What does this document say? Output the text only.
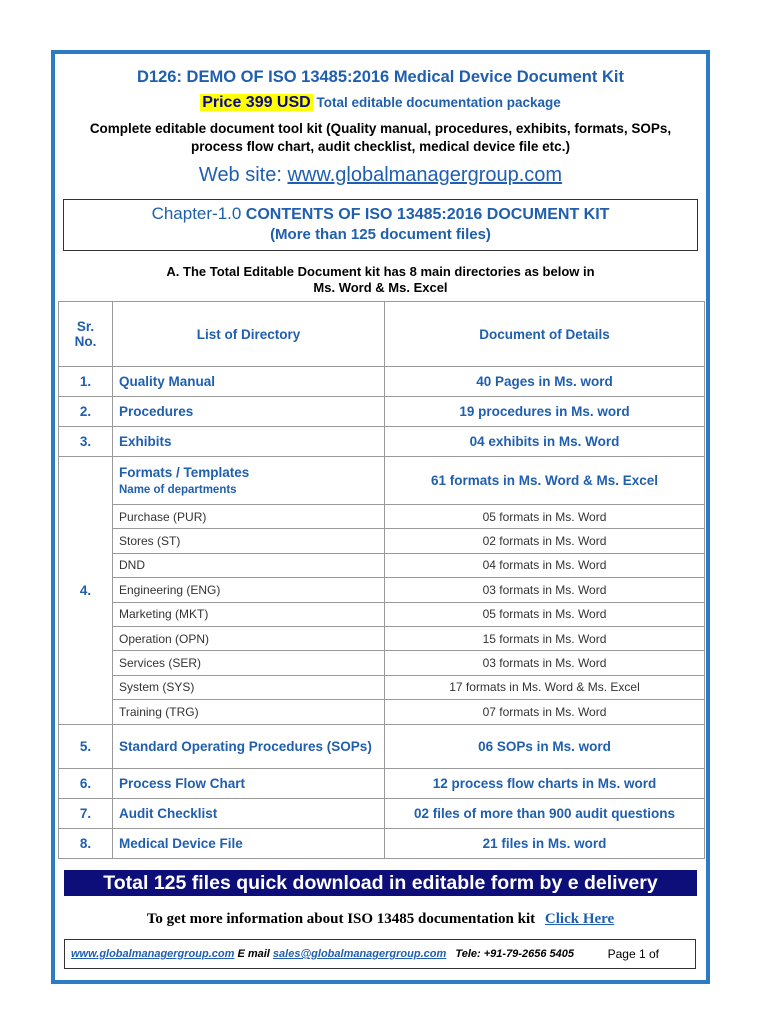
D126: DEMO OF ISO 13485:2016 Medical Device Document Kit
Price 399 USD Total editable documentation package
Complete editable document tool kit (Quality manual, procedures, exhibits, formats, SOPs, process flow chart, audit checklist, medical device file etc.)
Web site: www.globalmanagergroup.com
Chapter-1.0 CONTENTS OF ISO 13485:2016 DOCUMENT KIT
(More than 125 document files)
A. The Total Editable Document kit has 8 main directories as below in
Ms. Word & Ms. Excel
Sr. No.	List of Directory	Document of Details
1.	Quality Manual	40 Pages in Ms. word
2.	Procedures	19 procedures in Ms. word
3.	Exhibits	04 exhibits in Ms. Word
4.	Formats / Templates
Name of departments	61 formats in Ms. Word & Ms. Excel
	Purchase (PUR)	05 formats in Ms. Word
	Stores (ST)	02 formats in Ms. Word
	DND	04 formats in Ms. Word
	Engineering (ENG)	03 formats in Ms. Word
	Marketing (MKT)	05 formats in Ms. Word
	Operation (OPN)	15 formats in Ms. Word
	Services (SER)	03 formats in Ms. Word
	System (SYS)	17 formats in Ms. Word & Ms. Excel
	Training (TRG)	07 formats in Ms. Word
5.	Standard Operating Procedures (SOPs)	06 SOPs in Ms. word
6.	Process Flow Chart	12 process flow charts in Ms. word
7.	Audit Checklist	02 files of more than 900 audit questions
8.	Medical Device File	21 files in Ms. word
Total 125 files quick download in editable form by e delivery
To get more information about ISO 13485 documentation kit Click Here
www.globalmanagergroup.com E mail sales@globalmanagergroup.com Tele: +91-79-2656 5405	Page 1 of
